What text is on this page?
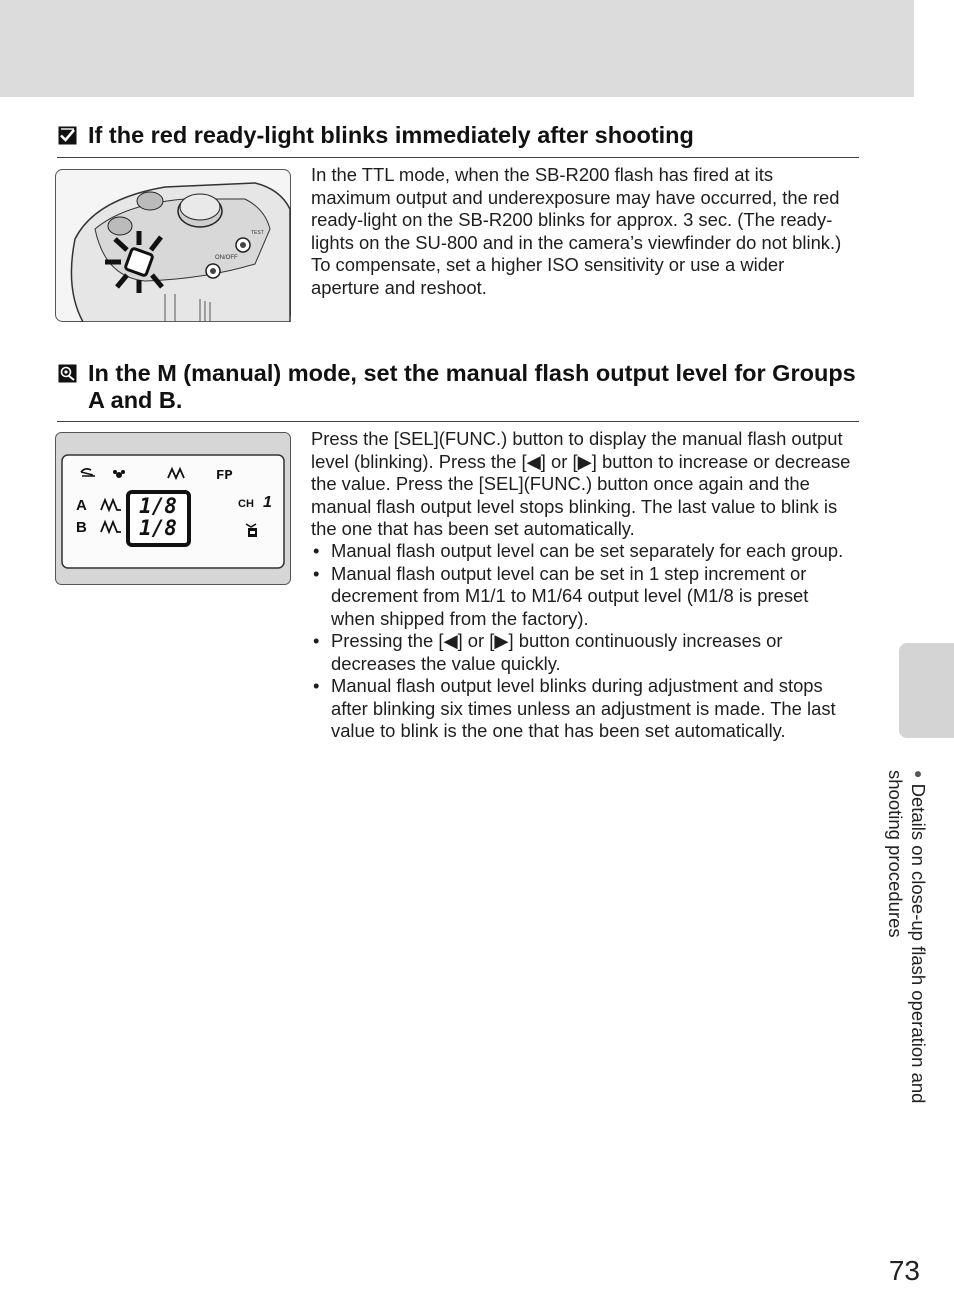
If the red ready-light blinks immediately after shooting
ON/OFF
TEST

In the TTL mode, when the SB-R200 flash has fired at its maximum output and underexposure may have occurred, the red ready-light on the SB-R200 blinks for approx. 3 sec. (The ready-lights on the SU-800 and in the camera’s viewfinder do not blink.)
To compensate, set a higher ISO sensitivity or use a wider aperture and reshoot.

In the M (manual) mode, set the manual flash output level for Groups A and B.
FP
A
B
1/8
1/8
CH 1

Press the [SEL](FUNC.) button to display the manual flash output level (blinking). Press the [◀] or [▶] button to increase or decrease the value. Press the [SEL](FUNC.) button once again and the manual flash output level stops blinking. The last value to blink is the one that has been set automatically.

• Manual flash output level can be set separately for each group.
• Manual flash output level can be set in 1 step increment or decrement from M1/1 to M1/64 output level (M1/8 is preset when shipped from the factory).
• Pressing the [◀] or [▶] button continuously increases or decreases the value quickly.
• Manual flash output level blinks during adjustment and stops after blinking six times unless an adjustment is made. The last value to blink is the one that has been set automatically.
● Details on close-up flash operation and shooting procedures
73
